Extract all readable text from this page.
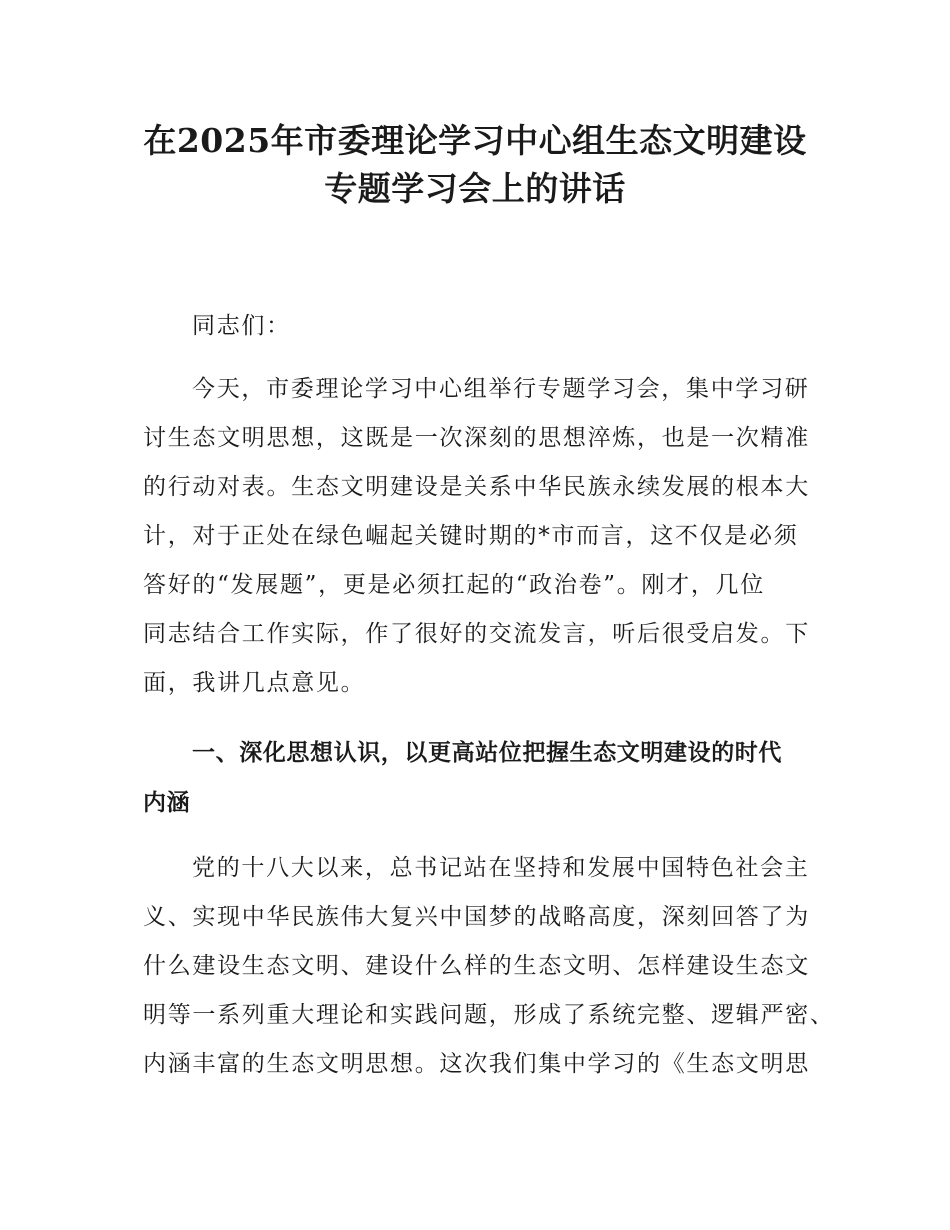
在2025年市委理论学习中心组生态文明建设
专题学习会上的讲话

同志们：

今天，市委理论学习中心组举行专题学习会，集中学习研

讨生态文明思想，这既是一次深刻的思想淬炼，也是一次精准

的行动对表。生态文明建设是关系中华民族永续发展的根本大

计，对于正处在绿色崛起关键时期的*市而言，这不仅是必须

答好的“发展题”，更是必须扛起的“政治卷”。刚才，几位

同志结合工作实际，作了很好的交流发言，听后很受启发。下

面，我讲几点意见。

一、深化思想认识，以更高站位把握生态文明建设的时代

内涵

党的十八大以来，总书记站在坚持和发展中国特色社会主

义、实现中华民族伟大复兴中国梦的战略高度，深刻回答了为

什么建设生态文明、建设什么样的生态文明、怎样建设生态文

明等一系列重大理论和实践问题，形成了系统完整、逻辑严密、

内涵丰富的生态文明思想。这次我们集中学习的《生态文明思
